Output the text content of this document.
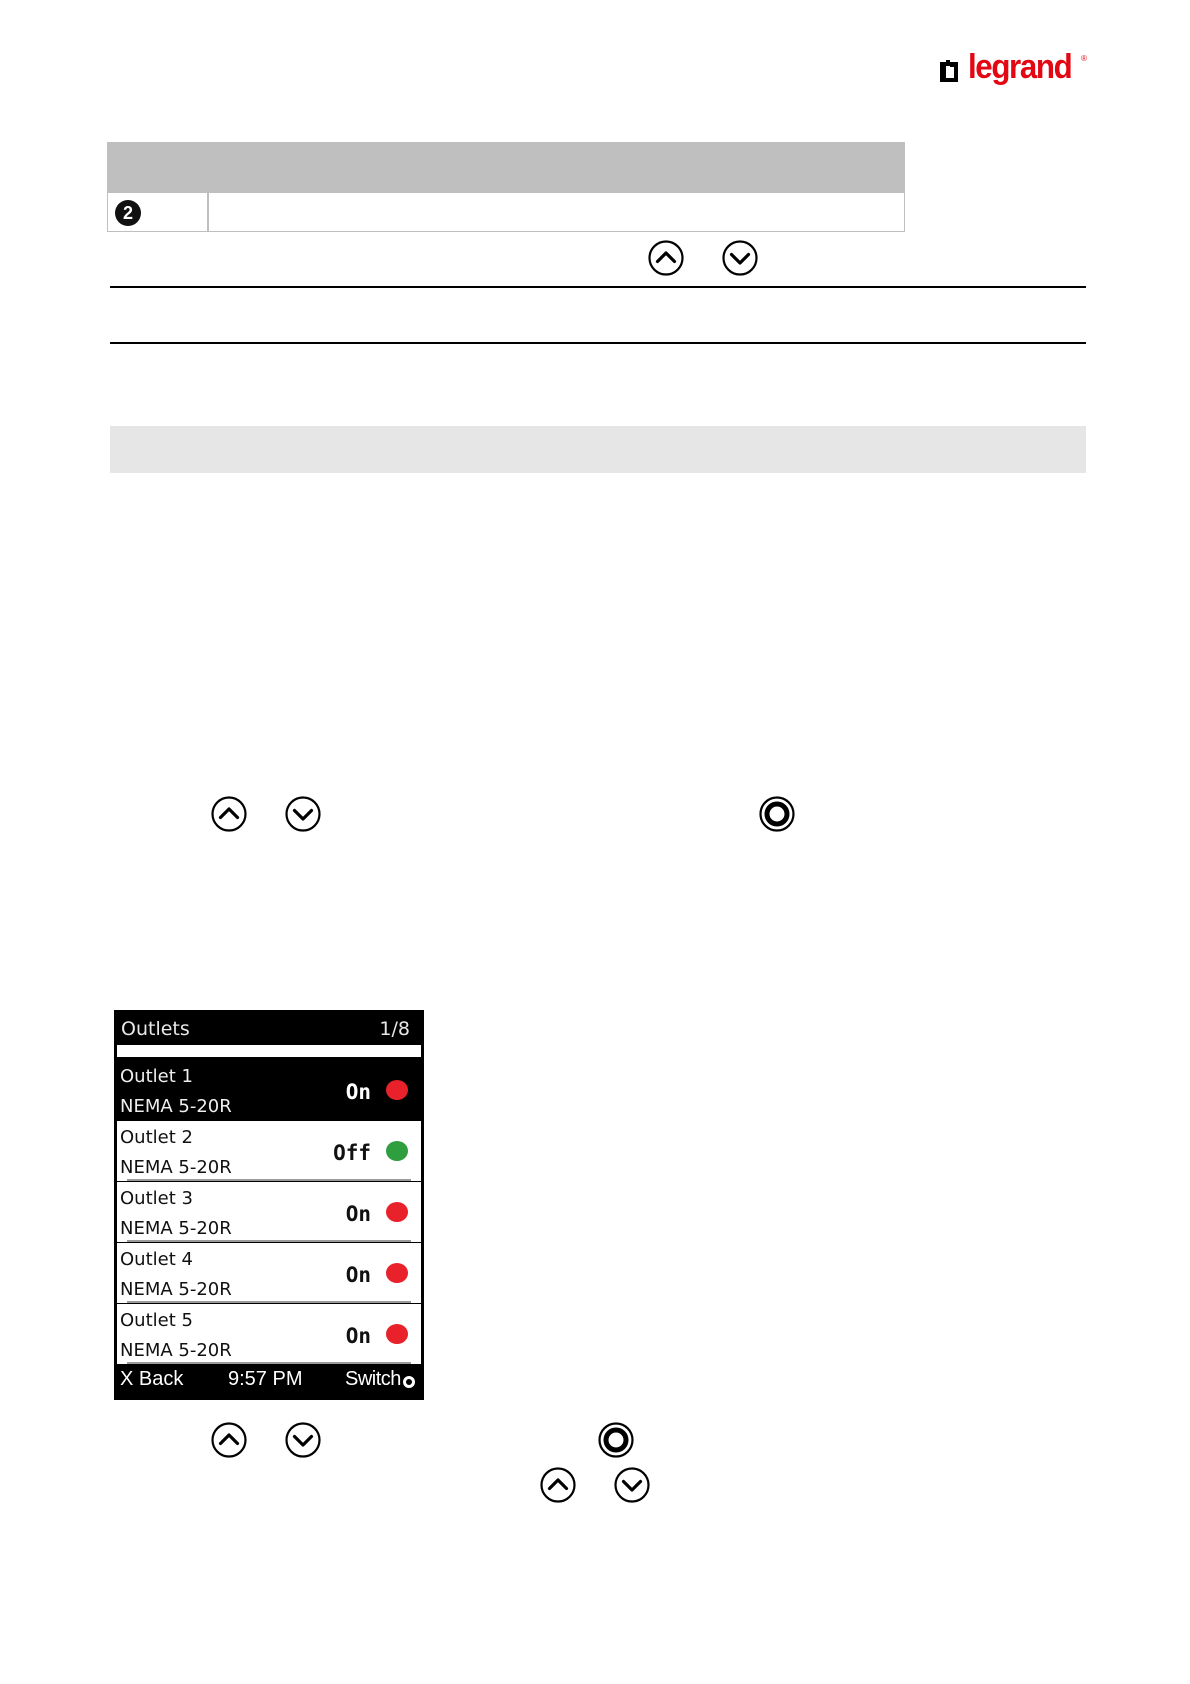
legrand ®
2
Outlets	1/8
Outlet 1
NEMA 5-20R
On
Outlet 2
NEMA 5-20R
Off
Outlet 3
NEMA 5-20R
On
Outlet 4
NEMA 5-20R
On
Outlet 5
NEMA 5-20R
On
X Back 9:57 PM Switch
